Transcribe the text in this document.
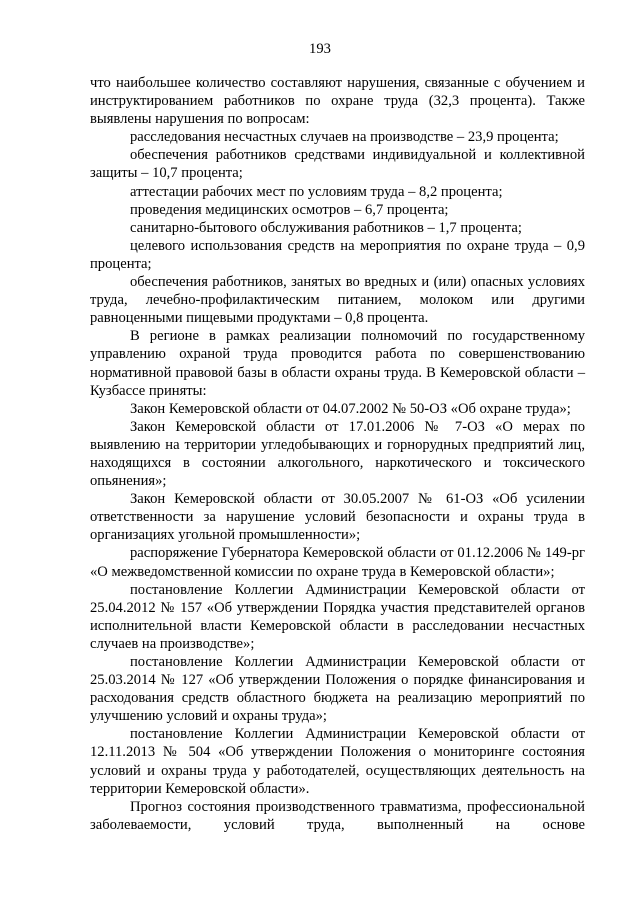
193

что наибольшее количество составляют нарушения, связанные с обучением и инструктированием работников по охране труда (32,3 процента). Также выявлены нарушения по вопросам:

расследования несчастных случаев на производстве – 23,9 процента;

обеспечения работников средствами индивидуальной и коллективной защиты – 10,7 процента;

аттестации рабочих мест по условиям труда – 8,2 процента;

проведения медицинских осмотров – 6,7 процента;

санитарно-бытового обслуживания работников – 1,7 процента;

целевого использования средств на мероприятия по охране труда – 0,9 процента;

обеспечения работников, занятых во вредных и (или) опасных условиях труда, лечебно-профилактическим питанием, молоком или другими равноценными пищевыми продуктами – 0,8 процента.

В регионе в рамках реализации полномочий по государственному управлению охраной труда проводится работа по совершенствованию нормативной правовой базы в области охраны труда. В Кемеровской области – Кузбассе приняты:

Закон Кемеровской области от 04.07.2002 № 50-ОЗ «Об охране труда»;

Закон Кемеровской области от 17.01.2006 № 7-ОЗ «О мерах по выявлению на территории угледобывающих и горнорудных предприятий лиц, находящихся в состоянии алкогольного, наркотического и токсического опьянения»;

Закон Кемеровской области от 30.05.2007 № 61-ОЗ «Об усилении ответственности за нарушение условий безопасности и охраны труда в организациях угольной промышленности»;

распоряжение Губернатора Кемеровской области от 01.12.2006 № 149-рг «О межведомственной комиссии по охране труда в Кемеровской области»;

постановление Коллегии Администрации Кемеровской области от 25.04.2012 № 157 «Об утверждении Порядка участия представителей органов исполнительной власти Кемеровской области в расследовании несчастных случаев на производстве»;

постановление Коллегии Администрации Кемеровской области от 25.03.2014 № 127 «Об утверждении Положения о порядке финансирования и расходования средств областного бюджета на реализацию мероприятий по улучшению условий и охраны труда»;

постановление Коллегии Администрации Кемеровской области от 12.11.2013 № 504 «Об утверждении Положения о мониторинге состояния условий и охраны труда у работодателей, осуществляющих деятельность на территории Кемеровской области».

Прогноз состояния производственного травматизма, профессиональной заболеваемости, условий труда, выполненный на основе
